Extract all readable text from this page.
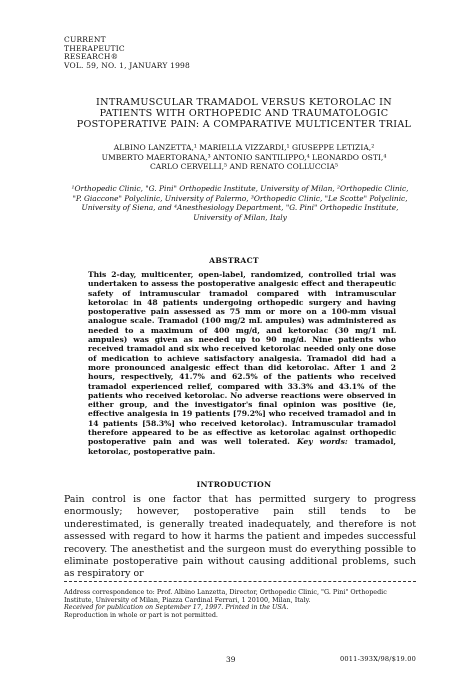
CURRENT
THERAPEUTIC
RESEARCH®
VOL. 59, NO. 1, JANUARY 1998
INTRAMUSCULAR TRAMADOL VERSUS KETOROLAC IN
PATIENTS WITH ORTHOPEDIC AND TRAUMATOLOGIC
POSTOPERATIVE PAIN: A COMPARATIVE MULTICENTER TRIAL
ALBINO LANZETTA,¹ MARIELLA VIZZARDI,¹ GIUSEPPE LETIZIA,²
UMBERTO MAERTORANA,³ ANTONIO SANTILIPPO,⁴ LEONARDO OSTI,⁴
CARLO CERVELLI,⁵ AND RENATO COLLUCCIA⁵
¹Orthopedic Clinic, "G. Pini" Orthopedic Institute, University of Milan, ²Orthopedic Clinic,
"P. Giaccone" Polyclinic, University of Palermo, ³Orthopedic Clinic, "Le Scotte" Polyclinic,
University of Siena, and ⁴Anesthesiology Department, "G. Pini" Orthopedic Institute,
University of Milan, Italy
ABSTRACT
This 2-day, multicenter, open-label, randomized, controlled trial was undertaken to assess the postoperative analgesic effect and therapeutic safety of intramuscular tramadol compared with intramuscular ketorolac in 48 patients undergoing orthopedic surgery and having postoperative pain assessed as 75 mm or more on a 100-mm visual analogue scale. Tramadol (100 mg/2 mL ampules) was administered as needed to a maximum of 400 mg/d, and ketorolac (30 mg/1 mL ampules) was given as needed up to 90 mg/d. Nine patients who received tramadol and six who received ketorolac needed only one dose of medication to achieve satisfactory analgesia. Tramadol did had a more pronounced analgesic effect than did ketorolac. After 1 and 2 hours, respectively, 41.7% and 62.5% of the patients who received tramadol experienced relief, compared with 33.3% and 43.1% of the patients who received ketorolac. No adverse reactions were observed in either group, and the investigator's final opinion was positive (ie, effective analgesia in 19 patients [79.2%] who received tramadol and in 14 patients [58.3%] who received ketorolac). Intramuscular tramadol therefore appeared to be as effective as ketorolac against orthopedic postoperative pain and was well tolerated. Key words: tramadol, ketorolac, postoperative pain.
INTRODUCTION
Pain control is one factor that has permitted surgery to progress enormously; however, postoperative pain still tends to be underestimated, is generally treated inadequately, and therefore is not assessed with regard to how it harms the patient and impedes successful recovery. The anesthetist and the surgeon must do everything possible to eliminate postoperative pain without causing additional problems, such as respiratory or
Address correspondence to: Prof. Albino Lanzetta, Director, Orthopedic Clinic, "G. Pini" Orthopedic Institute, University of Milan, Piazza Cardinal Ferrari, 1 20100, Milan, Italy.
Received for publication on September 17, 1997. Printed in the USA.
Reproduction in whole or part is not permitted.
39	0011-393X/98/$19.00
